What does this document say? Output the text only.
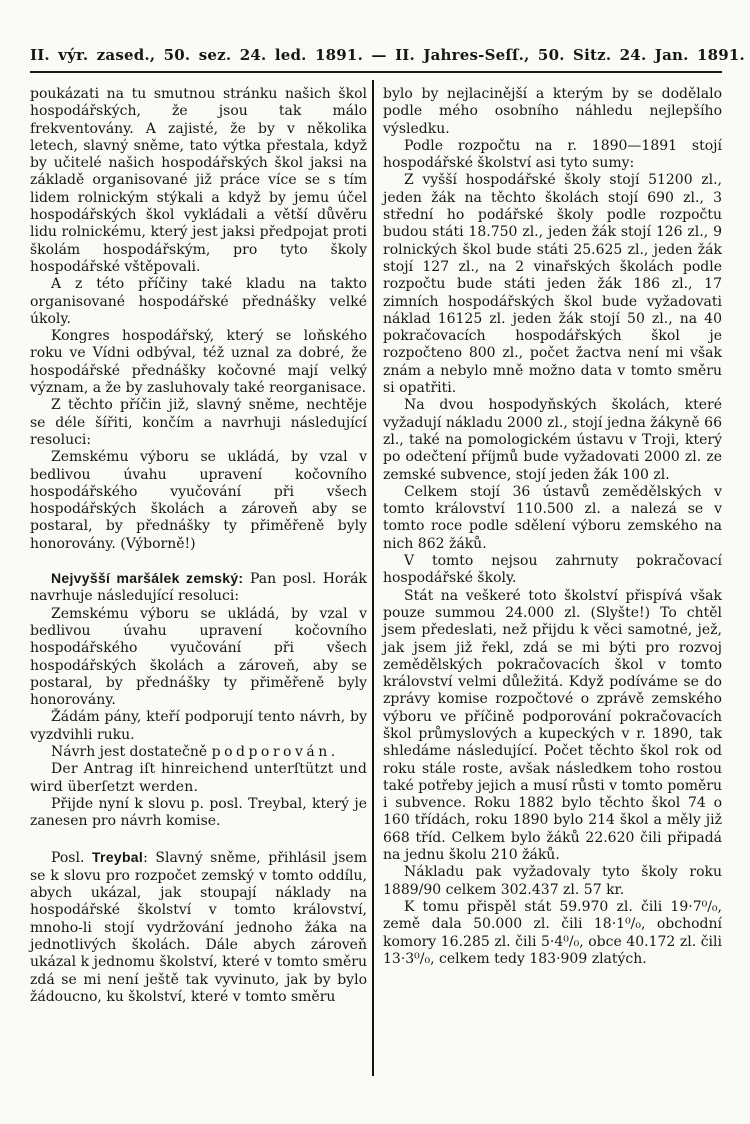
II. výr. zased., 50. sez. 24. led. 1891. — II. Jahres-Seſſ., 50. Sitz. 24. Jan. 1891.

poukázati na tu smutnou stránku našich škol hospodářských, že jsou tak málo frekventovány. A zajisté, že by v několika letech, slavný sněme, tato výtka přestala, když by učitelé našich hospodářských škol jaksi na základě organisované již práce více se s tím lidem rolnickým stýkali a když by jemu účel hospodářských škol vykládali a větší důvěru lidu rolnickému, který jest jaksi předpojat proti školám hospodářským, pro tyto školy hospodářské vštěpovali.

A z této příčiny také kladu na takto organisované hospodářské přednášky velké úkoly.

Kongres hospodářský, který se loňského roku ve Vídni odbýval, též uznal za dobré, že hospodářské přednášky kočovné mají velký význam, a že by zasluhovaly také reorganisace.

Z těchto příčin již, slavný sněme, nechtěje se déle šířiti, končím a navrhuji následující resoluci:

Zemskému výboru se ukládá, by vzal v bedlivou úvahu upravení kočovního hospodářského vyučování při všech hospodářských školách a zároveň aby se postaral, by přednášky ty přiměřeně byly honorovány. (Výborně!)

Nejvyšší maršálek zemský: Pan posl. Horák navrhuje následující resoluci:

Zemskému výboru se ukládá, by vzal v bedlivou úvahu upravení kočovního hospodářského vyučování při všech hospodářských školách a zároveň, aby se postaral, by přednášky ty přiměřeně byly honorovány.

Žádám pány, kteří podporují tento návrh, by vyzdvihli ruku.

Návrh jest dostatečně podporován.

Der Antrag iſt hinreichend unterſtützt und wird überſetzt werden.

Přijde nyní k slovu p. posl. Treybal, který je zanesen pro návrh komise.

Posl. Treybal: Slavný sněme, přihlásil jsem se k slovu pro rozpočet zemský v tomto oddílu, abych ukázal, jak stoupají náklady na hospodářské školství v tomto království, mnoho-li stojí vydržování jednoho žáka na jednotlivých školách. Dále abych zároveň ukázal k jednomu školství, které v tomto směru zdá se mi není ještě tak vyvinuto, jak by bylo žádoucno, ku školství, které v tomto směru

bylo by nejlacinější a kterým by se dodělalo podle mého osobního náhledu nejlepšího výsledku.

Podle rozpočtu na r. 1890—1891 stojí hospodářské školství asi tyto sumy:

Z vyšší hospodářské školy stojí 51200 zl., jeden žák na těchto školách stojí 690 zl., 3 střední ho podářské školy podle rozpočtu budou státi 18.750 zl., jeden žák stojí 126 zl., 9 rolnických škol bude státi 25.625 zl., jeden žák stojí 127 zl., na 2 vinařských školách podle rozpočtu bude státi jeden žák 186 zl., 17 zimních hospodářských škol bude vyžadovati náklad 16125 zl. jeden žák stojí 50 zl., na 40 pokračovacích hospodářských škol je rozpočteno 800 zl., počet žactva není mi však znám a nebylo mně možno data v tomto směru si opatřiti.

Na dvou hospodyňských školách, které vyžadují nákladu 2000 zl., stojí jedna žákyně 66 zl., také na pomologickém ústavu v Troji, který po odečtení příjmů bude vyžadovati 2000 zl. ze zemské subvence, stojí jeden žák 100 zl.

Celkem stojí 36 ústavů zemědělských v tomto království 110.500 zl. a nalezá se v tomto roce podle sdělení výboru zemského na nich 862 žáků.

V tomto nejsou zahrnuty pokračovací hospodářské školy.

Stát na veškeré toto školství přispívá však pouze summou 24.000 zl. (Slyšte!) To chtěl jsem předeslati, než přijdu k věci samotné, jež, jak jsem již řekl, zdá se mi býti pro rozvoj zemědělských pokračovacích škol v tomto království velmi důležitá. Když podíváme se do zprávy komise rozpočtové o zprávě zemského výboru ve příčině podporování pokračovacích škol průmyslových a kupeckých v r. 1890, tak shledáme následující. Počet těchto škol rok od roku stále roste, avšak následkem toho rostou také potřeby jejich a musí růsti v tomto poměru i subvence. Roku 1882 bylo těchto škol 74 o 160 třídách, roku 1890 bylo 214 škol a měly již 668 tříd. Celkem bylo žáků 22.620 čili připadá na jednu školu 210 žáků.

Nákladu pak vyžadovaly tyto školy roku 1889/90 celkem 302.437 zl. 57 kr.

K tomu přispěl stát 59.970 zl. čili 19·7⁰/₀, země dala 50.000 zl. čili 18·1⁰/₀, obchodní komory 16.285 zl. čili 5·4⁰/₀, obce 40.172 zl. čili 13·3⁰/₀, celkem tedy 183·909 zlatých.
